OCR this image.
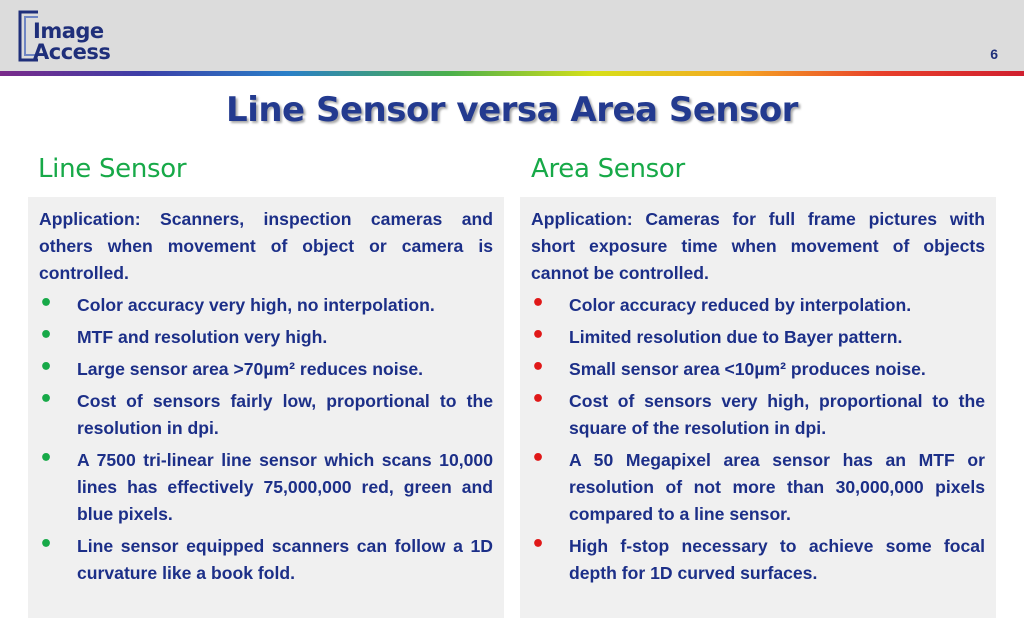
Image
Access	6
Line Sensor versa Area Sensor
Line Sensor	Area Sensor

Application: Scanners, inspection cameras and others when movement of object or camera is controlled.

• Color accuracy very high, no interpolation.
• MTF and resolution very high.
• Large sensor area >70µm² reduces noise.
• Cost of sensors fairly low, proportional to the resolution in dpi.
• A 7500 tri-linear line sensor which scans 10,000 lines has effectively 75,000,000 red, green and blue pixels.
• Line sensor equipped scanners can follow a 1D curvature like a book fold.

Application: Cameras for full frame pictures with short exposure time when movement of objects cannot be controlled.

• Color accuracy reduced by interpolation.
• Limited resolution due to Bayer pattern.
• Small sensor area <10µm² produces noise.
• Cost of sensors very high, proportional to the square of the resolution in dpi.
• A 50 Megapixel area sensor has an MTF or resolution of not more than 30,000,000 pixels compared to a line sensor.
• High f-stop necessary to achieve some focal depth for 1D curved surfaces.
